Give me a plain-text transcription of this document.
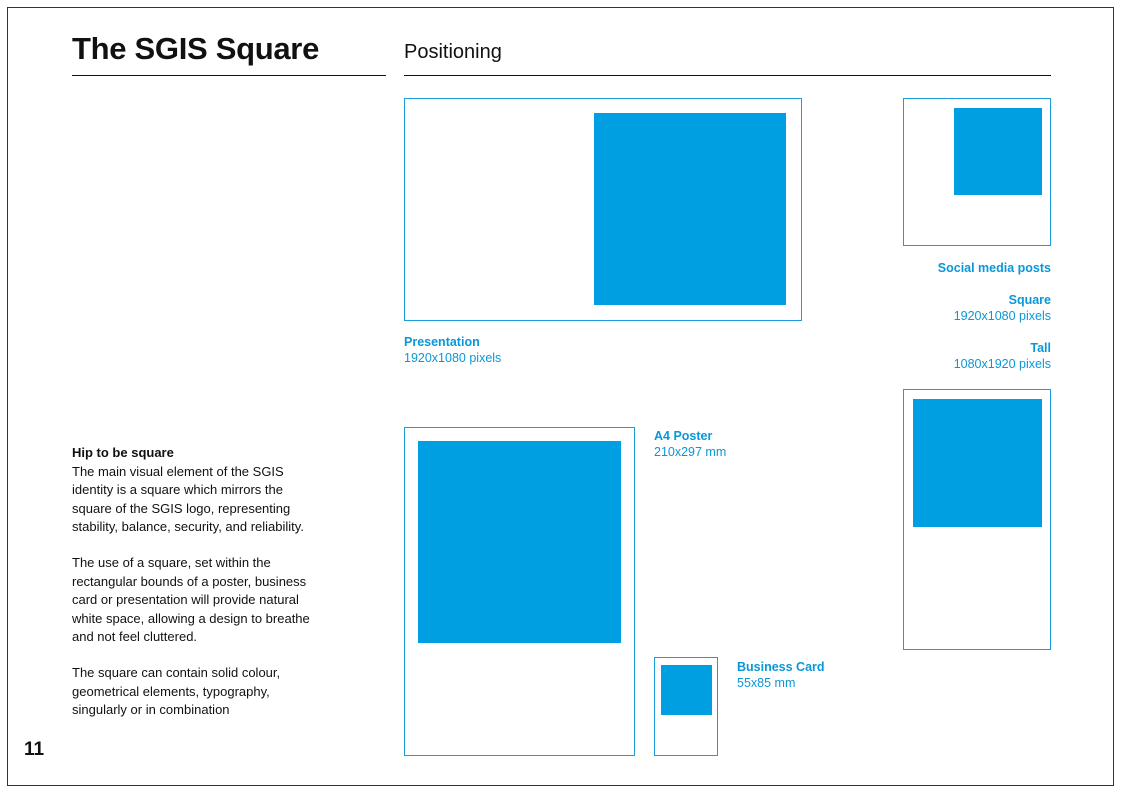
The SGIS Square	Positioning

Hip to be square
The main visual element of the SGIS identity is a square which mirrors the square of the SGIS logo, representing stability, balance, security, and reliability.

The use of a square, set within the rectangular bounds of a poster, business card or presentation will provide natural white space, allowing a design to breathe and not feel cluttered.

The square can contain solid colour, geometrical elements, typography, singularly or in combination

11
Presentation
1920x1080 pixels
Social media posts
Square
1920x1080 pixels
Tall
1080x1920 pixels
A4 Poster
210x297 mm
Business Card
55x85 mm
